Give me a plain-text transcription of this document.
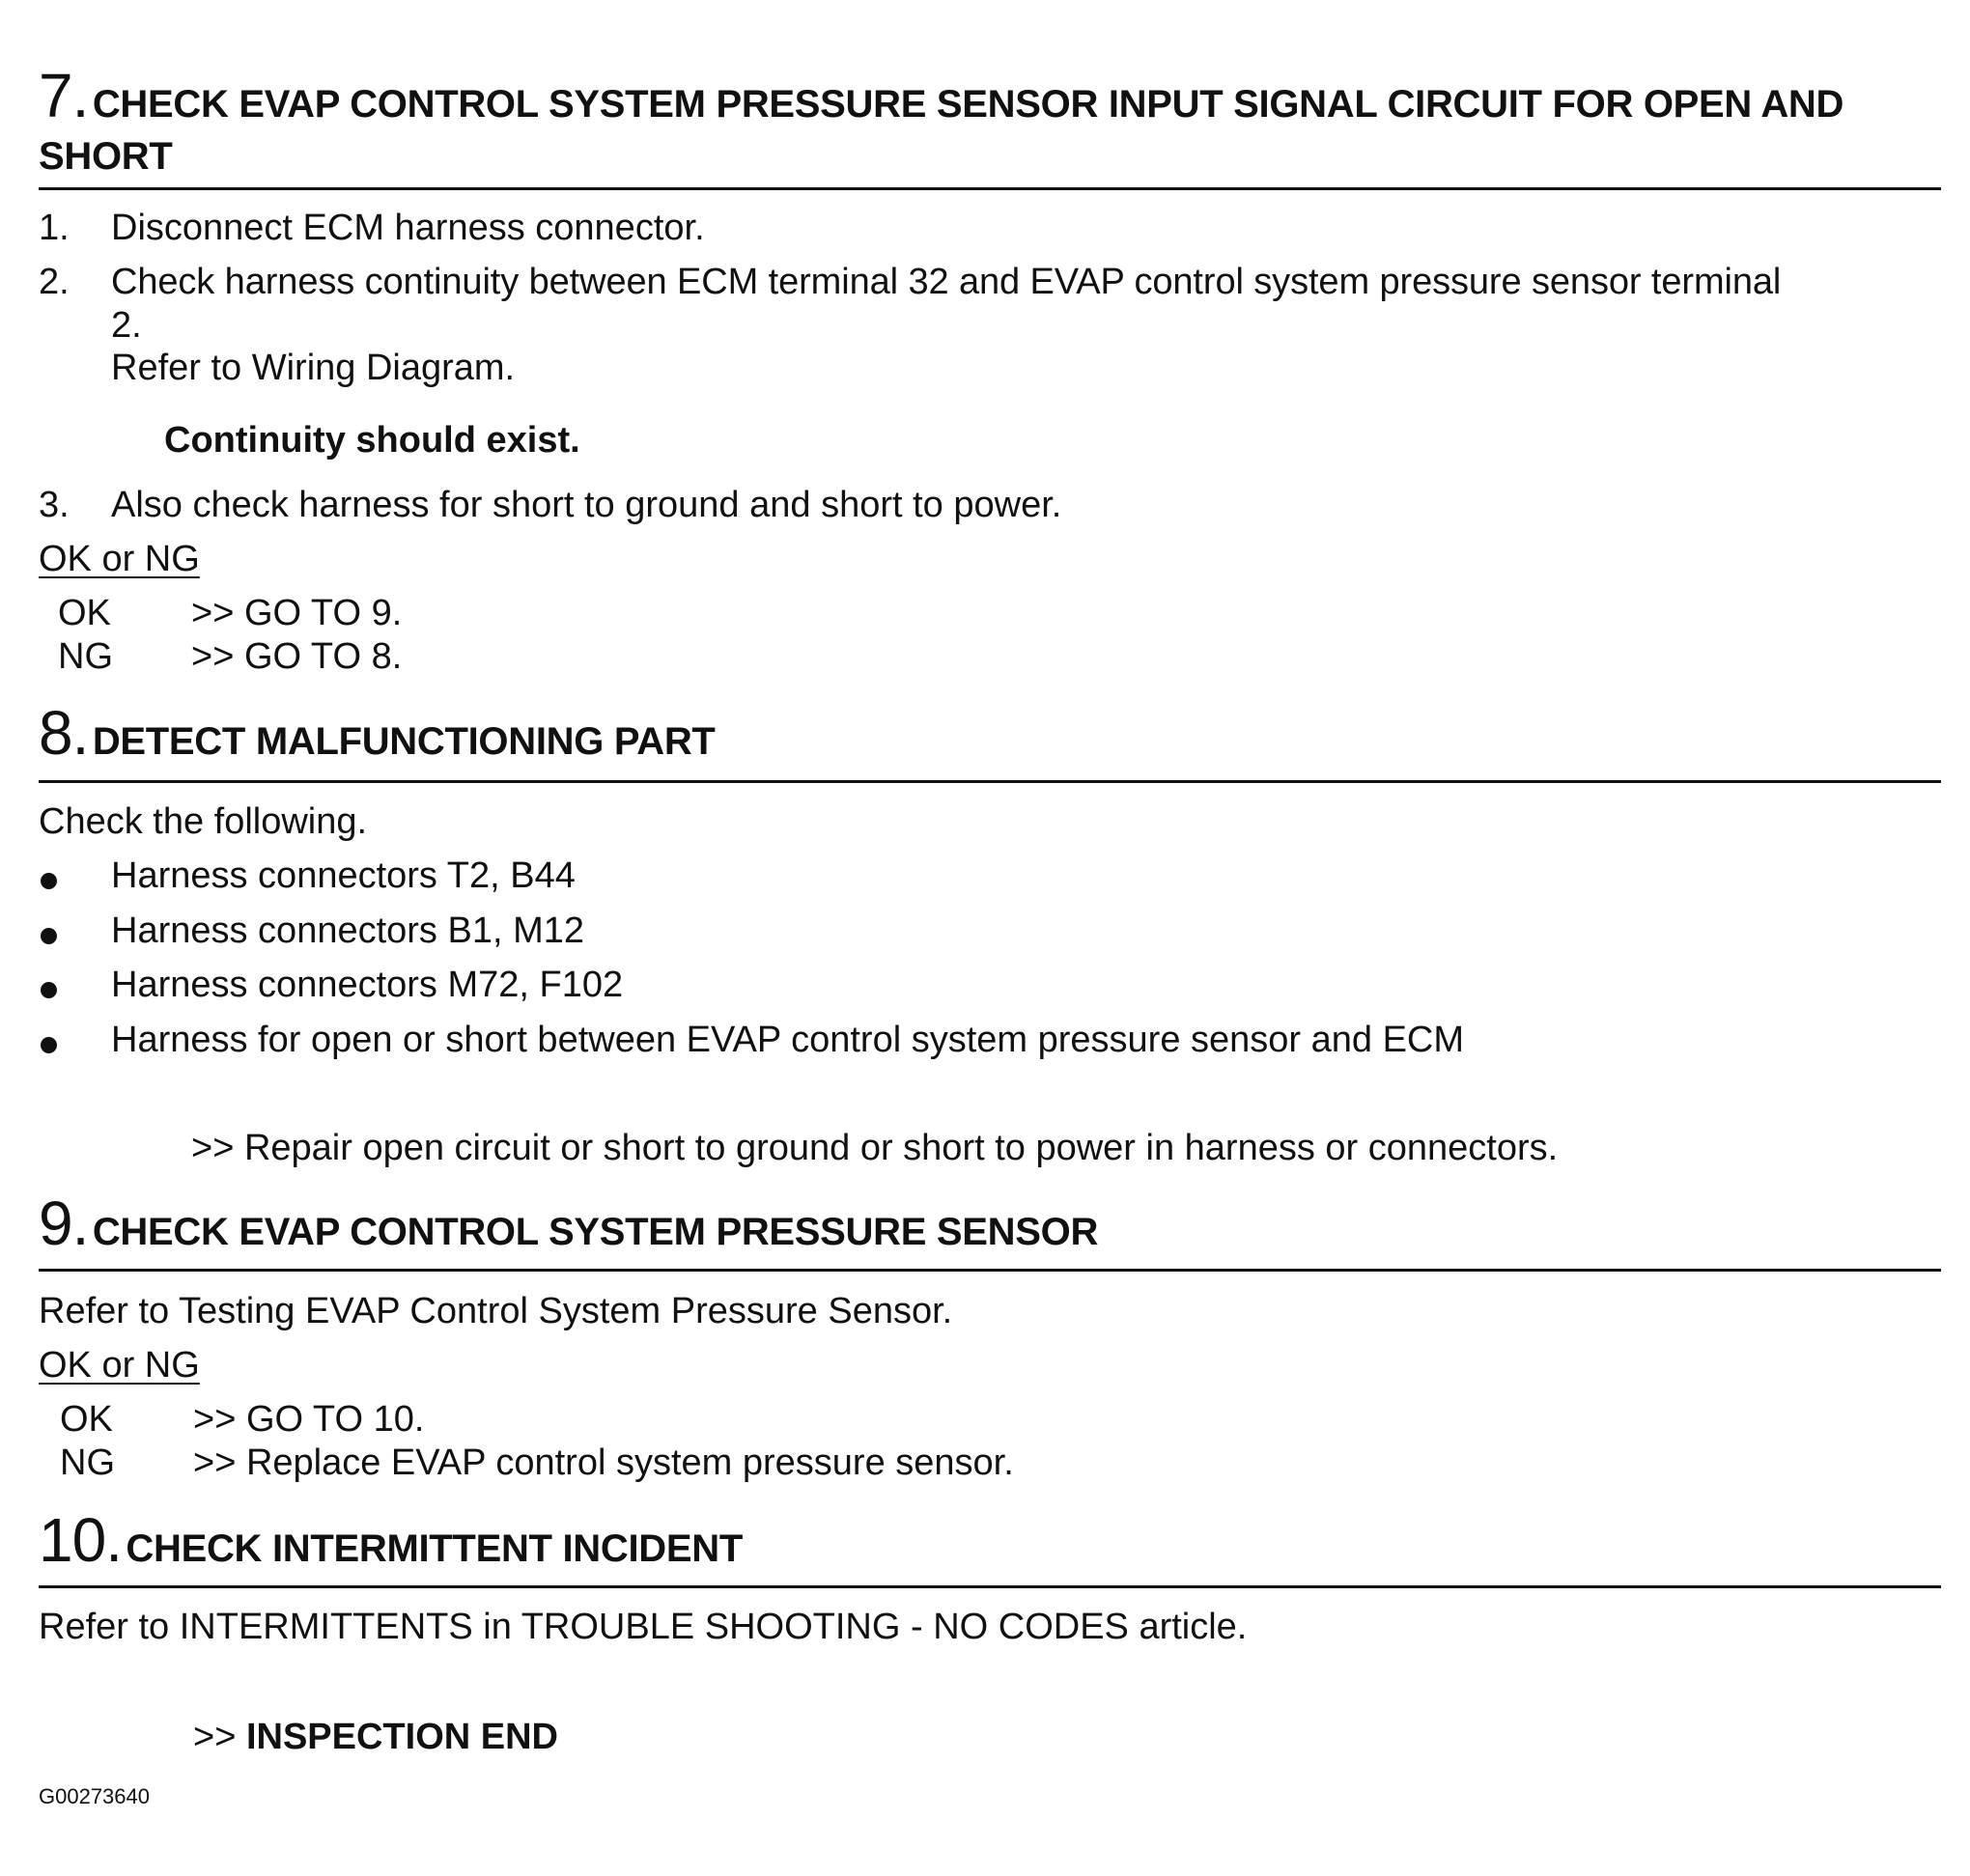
7. CHECK EVAP CONTROL SYSTEM PRESSURE SENSOR INPUT SIGNAL CIRCUIT FOR OPEN AND
SHORT
1. Disconnect ECM harness connector.
2. Check harness continuity between ECM terminal 32 and EVAP control system pressure sensor terminal
2.
Refer to Wiring Diagram.
Continuity should exist.
3. Also check harness for short to ground and short to power.
OK or NG
OK >> GO TO 9.
NG >> GO TO 8.
8. DETECT MALFUNCTIONING PART
Check the following.
Harness connectors T2, B44
Harness connectors B1, M12
Harness connectors M72, F102
Harness for open or short between EVAP control system pressure sensor and ECM
>> Repair open circuit or short to ground or short to power in harness or connectors.
9. CHECK EVAP CONTROL SYSTEM PRESSURE SENSOR
Refer to Testing EVAP Control System Pressure Sensor.
OK or NG
OK >> GO TO 10.
NG >> Replace EVAP control system pressure sensor.
10. CHECK INTERMITTENT INCIDENT
Refer to INTERMITTENTS in TROUBLE SHOOTING - NO CODES article.
>> INSPECTION END
G00273640
